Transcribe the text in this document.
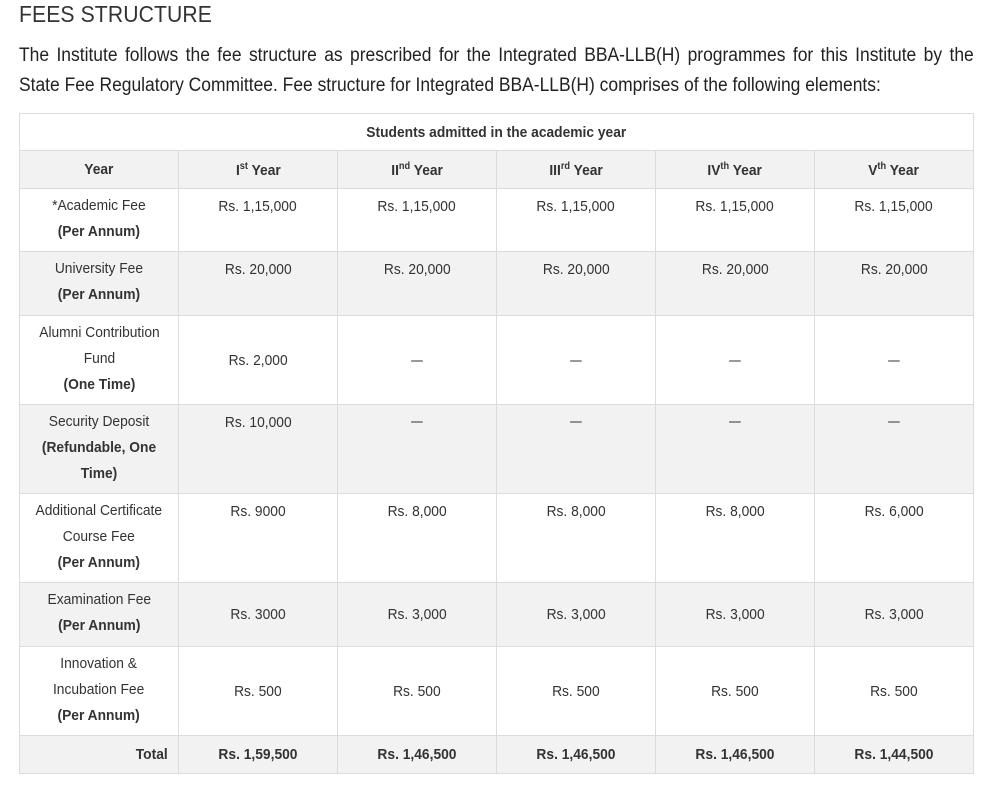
FEES STRUCTURE

The Institute follows the fee structure as prescribed for the Integrated BBA-LLB(H) programmes for this Institute by the State Fee Regulatory Committee. Fee structure for Integrated BBA-LLB(H) comprises of the following elements:

Students admitted in the academic year					
Year	Ist Year	IInd Year	IIIrd Year	IVth Year	Vth Year

*Academic Fee
(Per Annum)	Rs. 1,15,000	Rs. 1,15,000	Rs. 1,15,000	Rs. 1,15,000	Rs. 1,15,000

University Fee
(Per Annum)	Rs. 20,000	Rs. 20,000	Rs. 20,000	Rs. 20,000	Rs. 20,000

Alumni Contribution
Fund
(One Time)	Rs. 2,000	—	—	—	—

Security Deposit
(Refundable, One Time)	Rs. 10,000	—	—	—	—

Additional Certificate
Course Fee
(Per Annum)	Rs. 9000	Rs. 8,000	Rs. 8,000	Rs. 8,000	Rs. 6,000

Examination Fee
(Per Annum)	Rs. 3000	Rs. 3,000	Rs. 3,000	Rs. 3,000	Rs. 3,000

Innovation &
Incubation Fee
(Per Annum)	Rs. 500	Rs. 500	Rs. 500	Rs. 500	Rs. 500
Total	Rs. 1,59,500	Rs. 1,46,500	Rs. 1,46,500	Rs. 1,46,500	Rs. 1,44,500
